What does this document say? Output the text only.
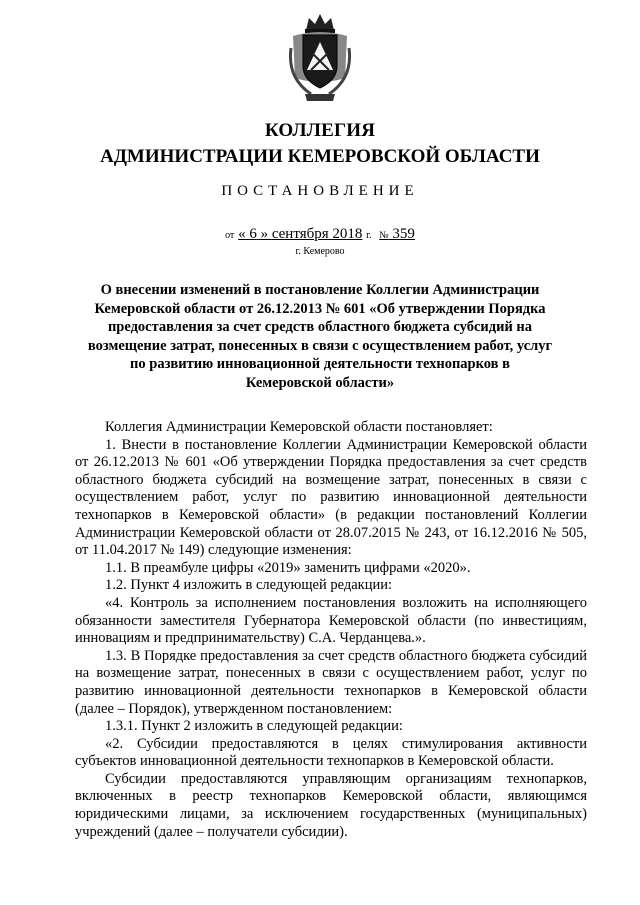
КОЛЛЕГИЯ
АДМИНИСТРАЦИИ КЕМЕРОВСКОЙ ОБЛАСТИ
ПОСТАНОВЛЕНИЕ
от « 6 » сентября 2018 г. № 359
г. Кемерово
О внесении изменений в постановление Коллегии Администрации Кемеровской области от 26.12.2013 № 601 «Об утверждении Порядка предоставления за счет средств областного бюджета субсидий на возмещение затрат, понесенных в связи с осуществлением работ, услуг по развитию инновационной деятельности технопарков в Кемеровской области»

Коллегия Администрации Кемеровской области постановляет:

1. Внести в постановление Коллегии Администрации Кемеровской области от 26.12.2013 № 601 «Об утверждении Порядка предоставления за счет средств областного бюджета субсидий на возмещение затрат, понесенных в связи с осуществлением работ, услуг по развитию инновационной деятельности технопарков в Кемеровской области» (в редакции постановлений Коллегии Администрации Кемеровской области от 28.07.2015 № 243, от 16.12.2016 № 505, от 11.04.2017 № 149) следующие изменения:

1.1. В преамбуле цифры «2019» заменить цифрами «2020».

1.2. Пункт 4 изложить в следующей редакции:

«4. Контроль за исполнением постановления возложить на исполняющего обязанности заместителя Губернатора Кемеровской области (по инвестициям, инновациям и предпринимательству) С.А. Черданцева.».

1.3. В Порядке предоставления за счет средств областного бюджета субсидий на возмещение затрат, понесенных в связи с осуществлением работ, услуг по развитию инновационной деятельности технопарков в Кемеровской области (далее – Порядок), утвержденном постановлением:

1.3.1. Пункт 2 изложить в следующей редакции:

«2. Субсидии предоставляются в целях стимулирования активности субъектов инновационной деятельности технопарков в Кемеровской области.

Субсидии предоставляются управляющим организациям технопарков, включенных в реестр технопарков Кемеровской области, являющимся юридическими лицами, за исключением государственных (муниципальных) учреждений (далее – получатели субсидии).
